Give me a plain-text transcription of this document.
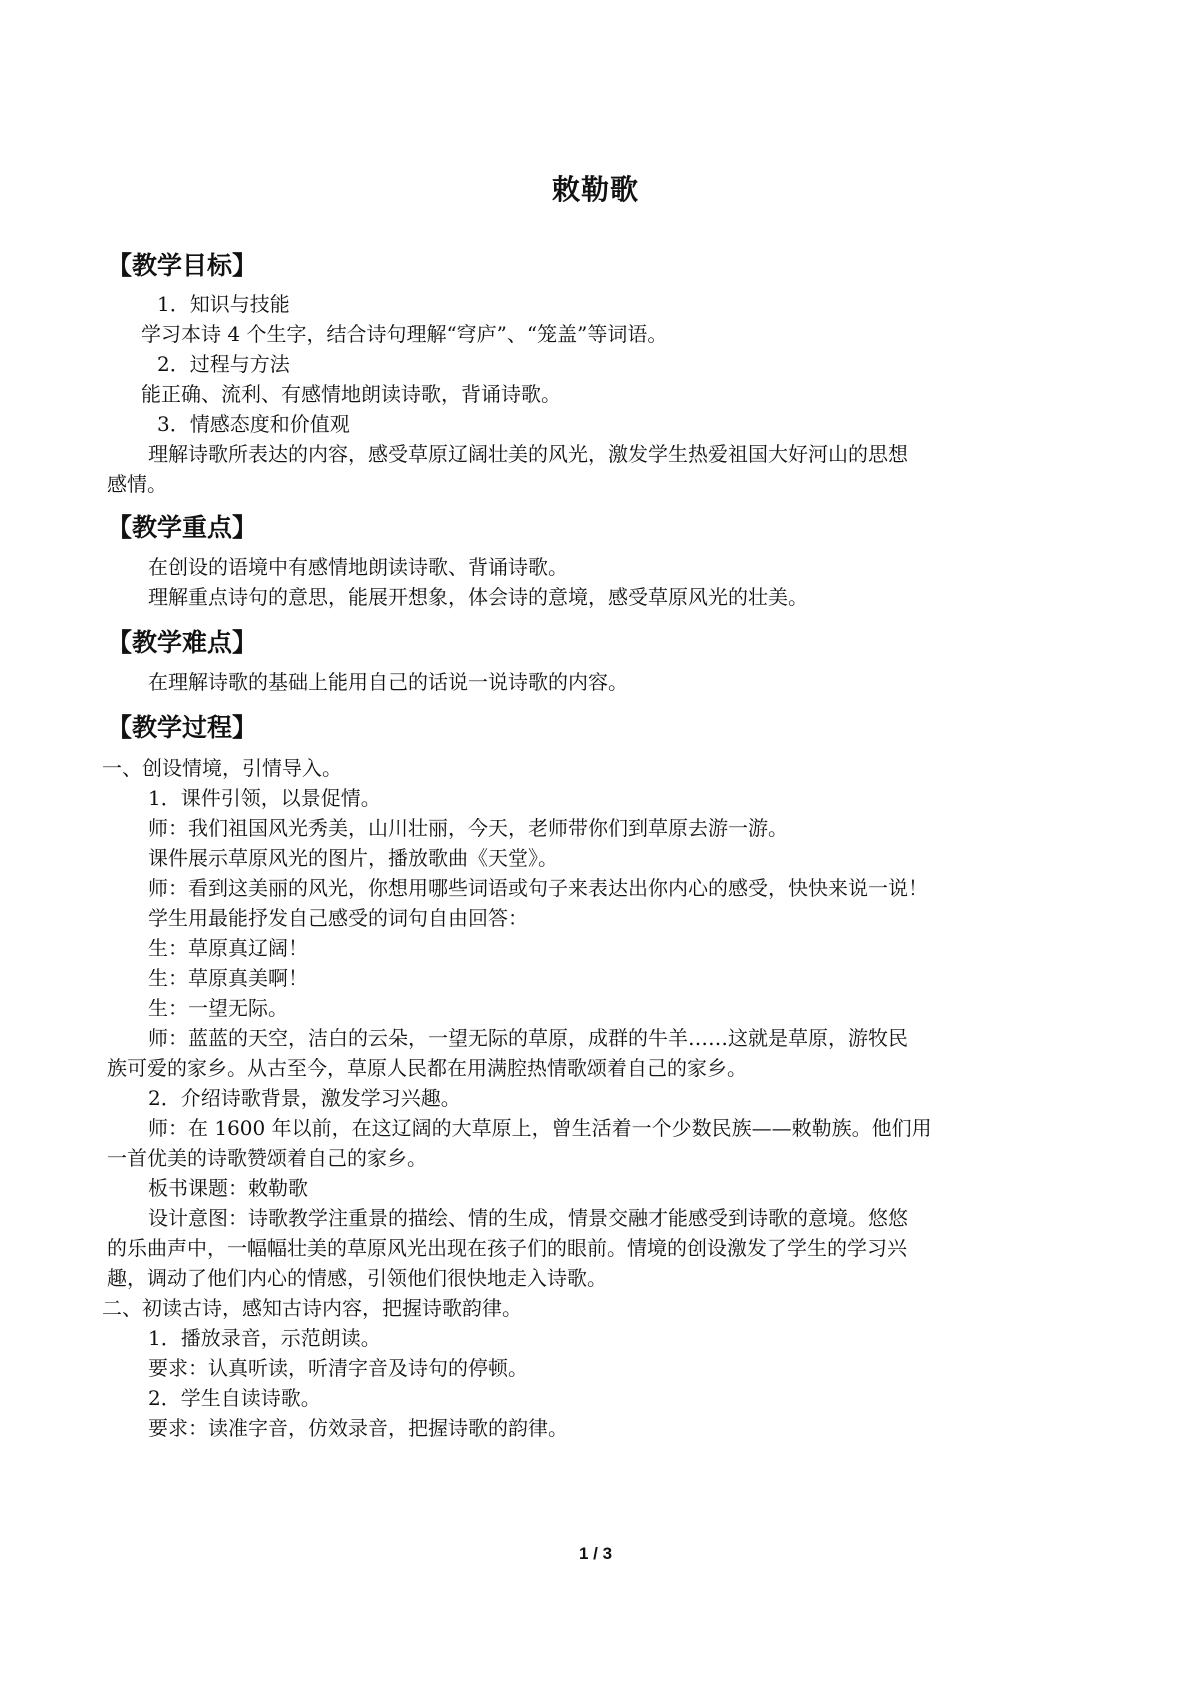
敕勒歌
【教学目标】
1．知识与技能
学习本诗 4 个生字，结合诗句理解“穹庐”、“笼盖”等词语。
2．过程与方法
能正确、流利、有感情地朗读诗歌，背诵诗歌。
3．情感态度和价值观
理解诗歌所表达的内容，感受草原辽阔壮美的风光，激发学生热爱祖国大好河山的思想
感情。
【教学重点】
在创设的语境中有感情地朗读诗歌、背诵诗歌。
理解重点诗句的意思，能展开想象，体会诗的意境，感受草原风光的壮美。
【教学难点】
在理解诗歌的基础上能用自己的话说一说诗歌的内容。
【教学过程】
一、创设情境，引情导入。
1．课件引领，以景促情。
师：我们祖国风光秀美，山川壮丽，今天，老师带你们到草原去游一游。
课件展示草原风光的图片，播放歌曲《天堂》。
师：看到这美丽的风光，你想用哪些词语或句子来表达出你内心的感受，快快来说一说！
学生用最能抒发自己感受的词句自由回答：
生：草原真辽阔！
生：草原真美啊！
生：一望无际。
师：蓝蓝的天空，洁白的云朵，一望无际的草原，成群的牛羊……这就是草原，游牧民
族可爱的家乡。从古至今，草原人民都在用满腔热情歌颂着自己的家乡。
2．介绍诗歌背景，激发学习兴趣。
师：在 1600 年以前，在这辽阔的大草原上，曾生活着一个少数民族——敕勒族。他们用
一首优美的诗歌赞颂着自己的家乡。
板书课题：敕勒歌
设计意图：诗歌教学注重景的描绘、情的生成，情景交融才能感受到诗歌的意境。悠悠
的乐曲声中，一幅幅壮美的草原风光出现在孩子们的眼前。情境的创设激发了学生的学习兴
趣，调动了他们内心的情感，引领他们很快地走入诗歌。
二、初读古诗，感知古诗内容，把握诗歌韵律。
1．播放录音，示范朗读。
要求：认真听读，听清字音及诗句的停顿。
2．学生自读诗歌。
要求：读准字音，仿效录音，把握诗歌的韵律。
1 / 3
